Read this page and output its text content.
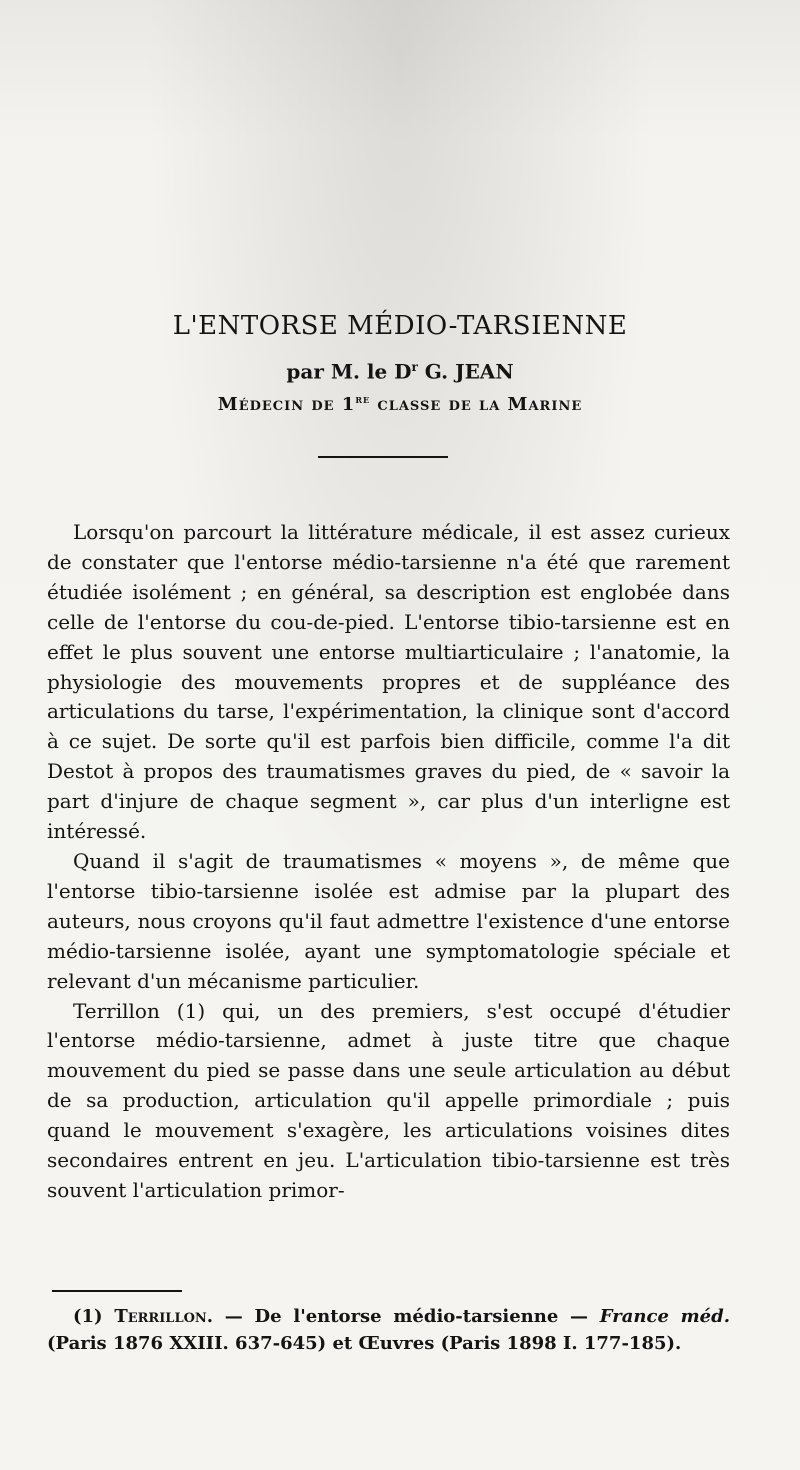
L'ENTORSE MÉDIO-TARSIENNE
par M. le $D^r$ G. JEAN
Médecin de 1re classe de la Marine

Lorsqu'on parcourt la littérature médicale, il est assez curieux de constater que l'entorse médio-tarsienne n'a été que rarement étudiée isolément ; en général, sa description est englobée dans celle de l'entorse du cou-de-pied. L'entorse tibio-tarsienne est en effet le plus souvent une entorse multiarticulaire ; l'anatomie, la physiologie des mouvements propres et de suppléance des articulations du tarse, l'expérimentation, la clinique sont d'accord à ce sujet. De sorte qu'il est parfois bien difficile, comme l'a dit Destot à propos des traumatismes graves du pied, de « savoir la part d'injure de chaque segment », car plus d'un interligne est intéressé.

Quand il s'agit de traumatismes « moyens », de même que l'entorse tibio-tarsienne isolée est admise par la plupart des auteurs, nous croyons qu'il faut admettre l'existence d'une entorse médio-tarsienne isolée, ayant une symptomatologie spéciale et relevant d'un mécanisme particulier.

Terrillon (1) qui, un des premiers, s'est occupé d'étudier l'entorse médio-tarsienne, admet à juste titre que chaque mouvement du pied se passe dans une seule articulation au début de sa production, articulation qu'il appelle primordiale ; puis quand le mouvement s'exagère, les articulations voisines dites secondaires entrent en jeu. L'articulation tibio-tarsienne est très souvent l'articulation primor-

(1) Terrillon. — De l'entorse médio-tarsienne — France méd. (Paris 1876 XXIII. 637-645) et Œuvres (Paris 1898 I. 177-185).
